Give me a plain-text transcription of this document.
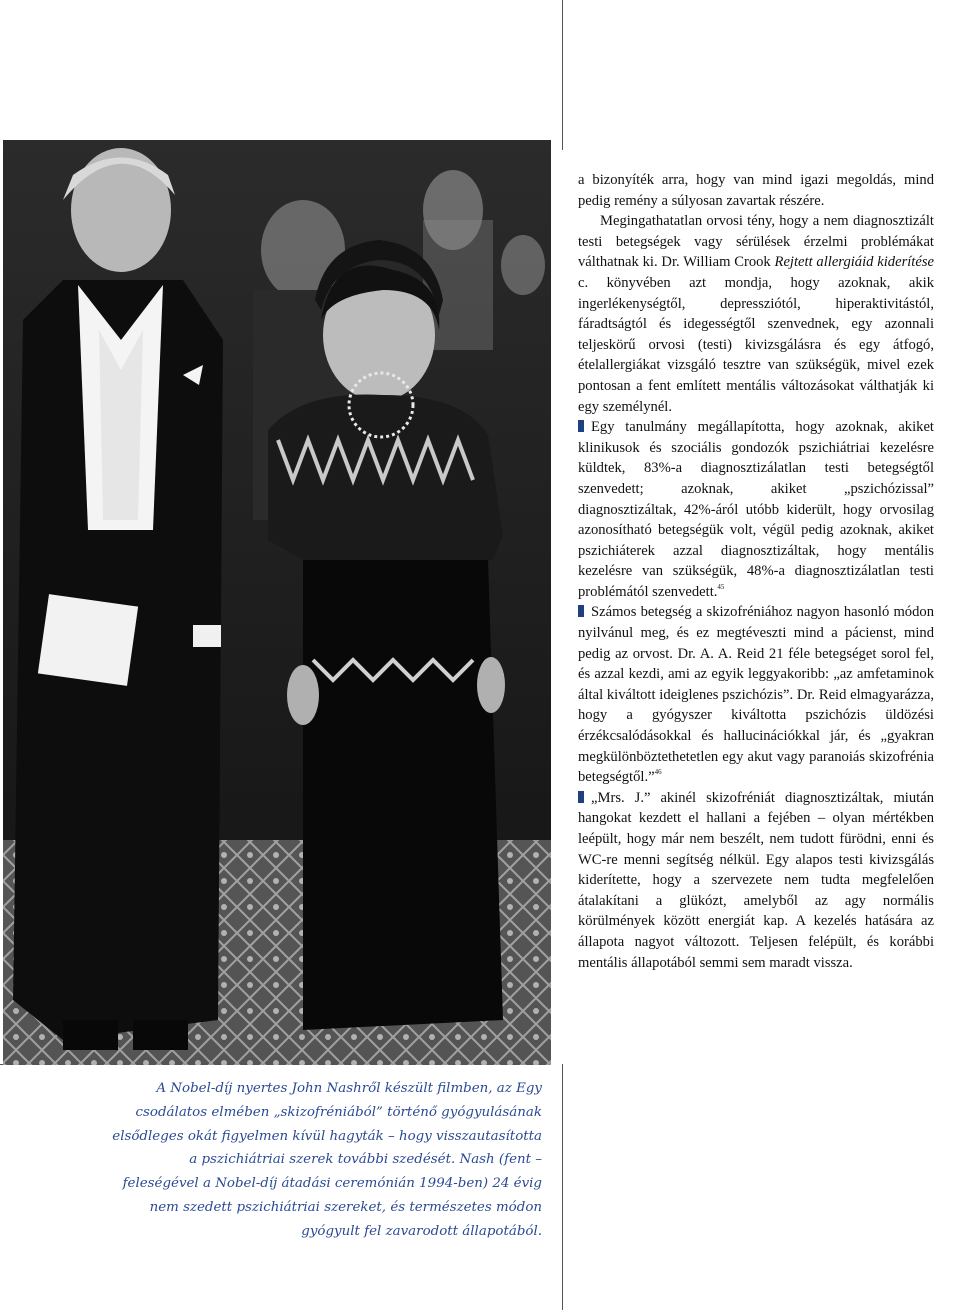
a bizonyíték arra, hogy van mind igazi megoldás, mind pedig remény a súlyosan zavartak részére.

Megingathatatlan orvosi tény, hogy a nem diagnosztizált testi betegségek vagy sérülések érzelmi problémákat válthatnak ki. Dr. William Crook Rejtett allergiáid kiderítése c. könyvében azt mondja, hogy azoknak, akik ingerlékenységtől, depressziótól, hiperaktivitástól, fáradtságtól és idegességtől szenvednek, egy azonnali teljeskörű orvosi (testi) kivizsgálásra és egy átfogó, ételallergiákat vizsgáló tesztre van szükségük, mivel ezek pontosan a fent említett mentális változásokat válthatják ki egy személynél.

Egy tanulmány megállapította, hogy azoknak, akiket klinikusok és szociális gondozók pszichiátriai kezelésre küldtek, 83%-a diagnosztizálatlan testi betegségtől szenvedett; azoknak, akiket „pszichózissal” diagnosztizáltak, 42%-áról utóbb kiderült, hogy orvosilag azonosítható betegségük volt, végül pedig azoknak, akiket pszichiáterek azzal diagnosztizáltak, hogy mentális kezelésre van szükségük, 48%-a diagnosztizálatlan testi problémától szenvedett.$^{45}$

Számos betegség a skizofréniához nagyon hasonló módon nyilvánul meg, és ez megtéveszti mind a pácienst, mind pedig az orvost. Dr. A. A. Reid 21 féle betegséget sorol fel, és azzal kezdi, ami az egyik leggyakoribb: „az amfetaminok által kiváltott ideiglenes pszichózis”. Dr. Reid elmagyarázza, hogy a gyógyszer kiváltotta pszichózis üldözési érzékcsalódásokkal és hallucinációkkal jár, és „gyakran megkülönböztethetetlen egy akut vagy paranoiás skizofrénia betegségtől.”$^{46}$

„Mrs. J.” akinél skizofréniát diagnosztizáltak, miután hangokat kezdett el hallani a fejében – olyan mértékben leépült, hogy már nem beszélt, nem tudott fürödni, enni és WC-re menni segítség nélkül. Egy alapos testi kivizsgálás kiderítette, hogy a szervezete nem tudta megfelelően átalakítani a glükózt, amelyből az agy normális körülmények között energiát kap. A kezelés hatására az állapota nagyot változott. Teljesen felépült, és korábbi mentális állapotából semmi sem maradt vissza.

A Nobel-díj nyertes John Nashről készült filmben, az Egy csodálatos elmében „skizofréniából” történő gyógyulásának elsődleges okát figyelmen kívül hagyták – hogy visszautasította a pszichiátriai szerek további szedését. Nash (fent – feleségével a Nobel-díj átadási ceremónián 1994-ben) 24 évig nem szedett pszichiátriai szereket, és természetes módon gyógyult fel zavarodott állapotából.
